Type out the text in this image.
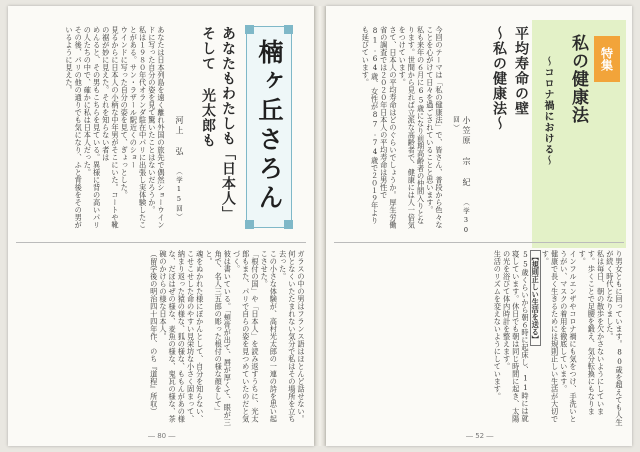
楠ヶ丘さろん
あなたもわたしも「日本人」
そして 光太郎も
河上 弘 （学15回）

あなたは日本列島を遠く離れ外国の旅先で偶然ショーウインドに写った自分の姿を見て驚いたことはないだろうか。

私は１９８０年代オランダ駐在中パリに出張し実体験したことがある。サン・ラザール駅近くのショー

ウインドに写った自分の姿を見て、ぎょっとした。

見るからに日本人の小柄な中年男がそこにいた。コートや靴の裾が妙に見えた。それを知らない者は

めんると、その男もこちらを見ている。異様に背の高いパリの人たちの中で、確かに私は日本人だった。

その後、パリの他の通りでも気になり、ふと背後をその男がいるように見えた。

ガラスの中の男はフランス語はほとんど話せない。

何となくいたたまれない気分で私はその場所を立ち去った。

この小さな体験が、高村光太郎の一連の詩を思い起こさせた。

「根付の国」や「日本人」を読み返すうちに、光太郎もまた、パリで自らの姿を見つめていたのだと気づく。

彼は書いている。「頬骨が出て、唇が厚くて、眼が三角で、名人三五郎の彫った根付の様な顔をして」と。

魂をぬかれた様にぽかんとして、自分を知らない、こせこせした命のやすい見栄坊な小さく固まって、

納まり返った猿の様な、狐の様な、ももんがあの様な、だぼはぜの様な、麦魚の様な、鬼瓦の様な、茶碗のかけらの様な日本人。

（留学後の明治四十四年作、のち『道程』所収）

― 80 ―
特集
私の健康法
〜コロナ禍における〜
平均寿命の壁
〜私の健康法〜
小笠原 宗 紀 （学30回）

今回のテーマは「私の健康法」で、皆さん、普段から色々なことを心がけて日々を過ごされていることと思います。

私も来年の６月に65歳になり前期高齢者の仲間入りとなります。世間から見れば立派な高齢者で、健康には人一倍気をつけています。

さて、日本人の平均寿命はどのぐらいでしょうか。厚生労働省の調査では２０２０年日本人の平均寿命は男性で81.64歳、女性が87.74歳で２０１９年よりも延びています。

り男女ともに回っています。80歳を超えても人生が続く時代となりました。

私は毎日、朝の散歩を欠かさないようにしています。歩くことで足腰を鍛え、気分転換にもなります。

インフルエンザやコロナ禍にも気をつけ、手洗いとうがい、マスクの着用を徹底しています。

健康で長く生きるためには規則正しい生活が大切です。

【規則正しい生活を送る】

55歳くらいから朝６時に起床し、11時には就寝しています。休日でも朝は同じ時間に起き、太陽の光を浴びて体内時計を整えます。

生活のリズムを変えないようにしています。

― 52 ―
